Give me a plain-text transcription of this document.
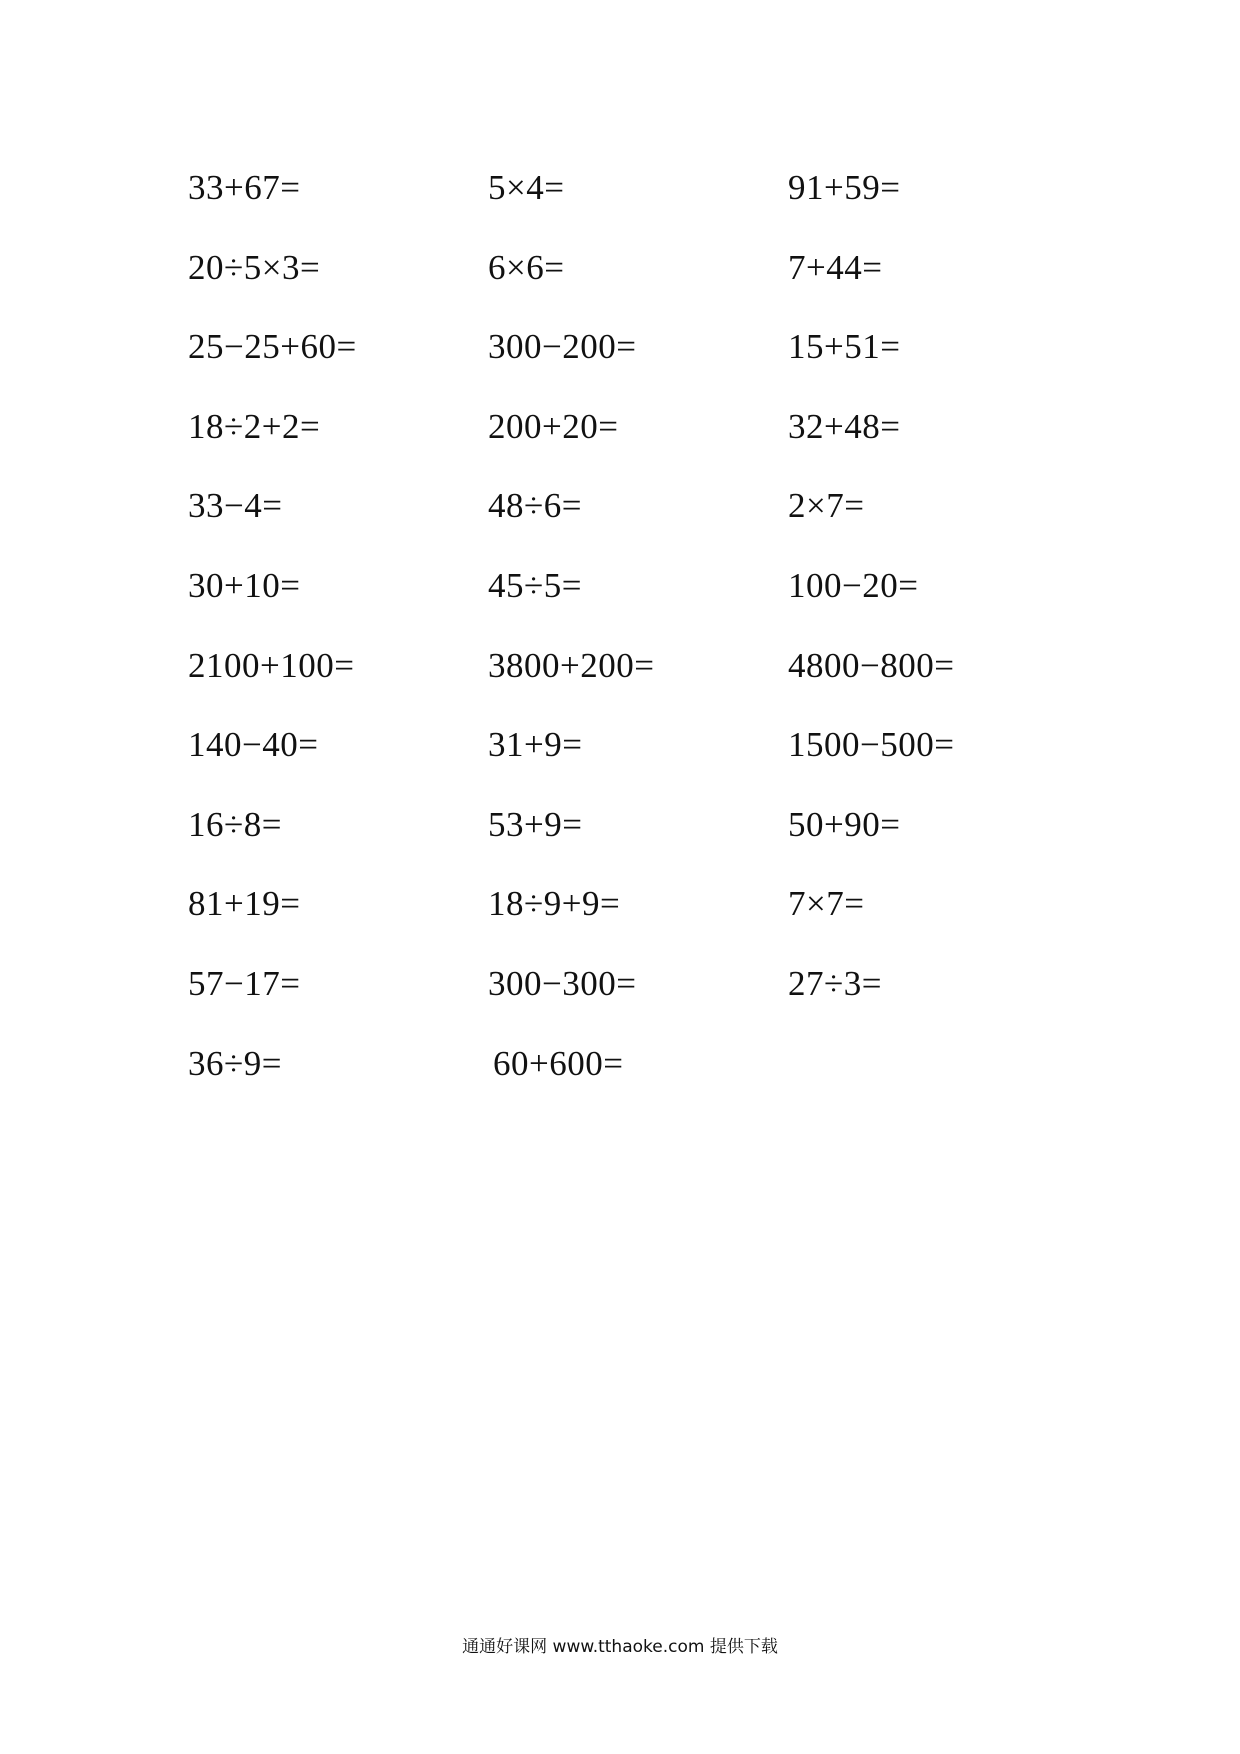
33+67=	5×4=	91+59=
20÷5×3=	6×6=	7+44=
25−25+60=	300−200=	15+51=
18÷2+2=	200+20=	32+48=
33−4=	48÷6=	2×7=
30+10=	45÷5=	100−20=
2100+100=	3800+200=	4800−800=
140−40=	31+9=	1500−500=
16÷8=	53+9=	50+90=
81+19=	18÷9+9=	7×7=
57−17=	300−300=	27÷3=
36÷9=	60+600=
通通好课网 www.tthaoke.com 提供下载
